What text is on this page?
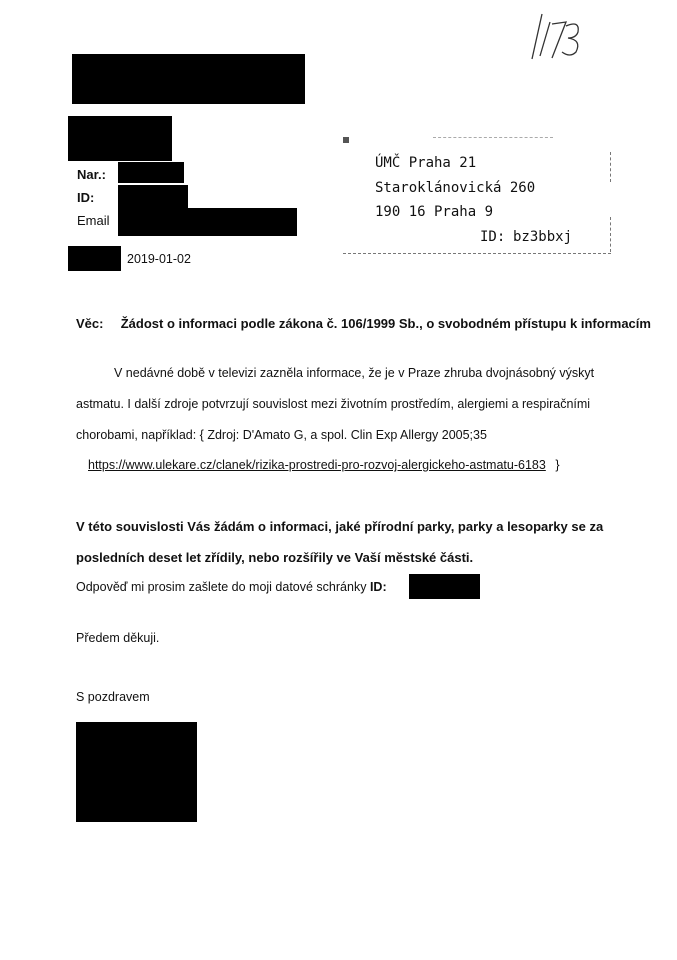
Nar.:
ID:
Email
2019-01-02
ÚMČ Praha 21
Staroklánovická 260
190 16 Praha 9
ID: bz3bbxj
Věc: Žádost o informaci podle zákona č. 106/1999 Sb., o svobodném přístupu k informacím
V nedávné době v televizi zazněla informace, že je v Praze zhruba dvojnásobný výskyt
astmatu. I další zdroje potvrzují souvislost mezi životním prostředím, alergiemi a respiračními
chorobami, například: { Zdroj: D'Amato G, a spol. Clin Exp Allergy 2005;35
https://www.ulekare.cz/clanek/rizika-prostredi-pro-rozvoj-alergickeho-astmatu-6183 }
V této souvislosti Vás žádám o informaci, jaké přírodní parky, parky a lesoparky se za
posledních deset let zřídily, nebo rozšířily ve Vaší městské části.
Odpověď mi prosim zašlete do moji datové schránky ID:
Předem děkuji.
S pozdravem
